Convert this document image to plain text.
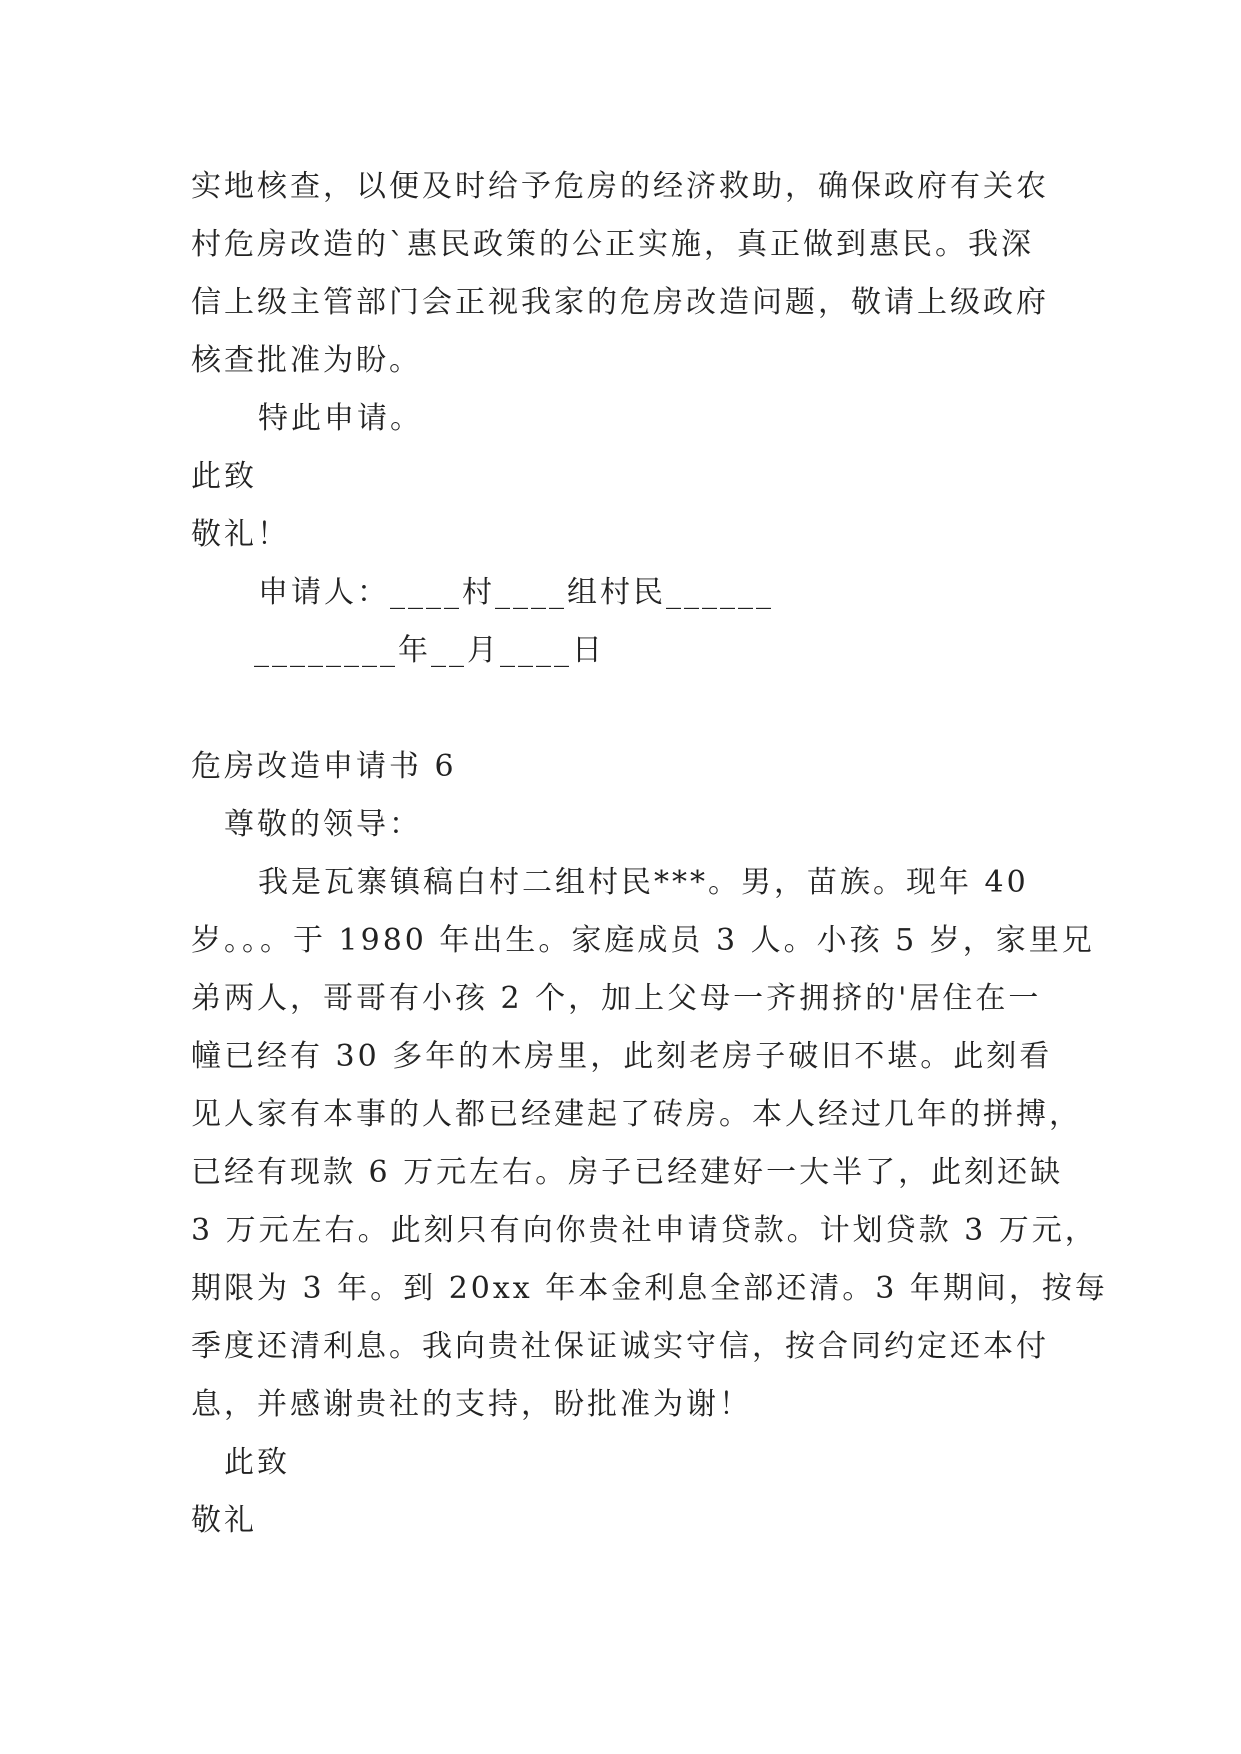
实地核查，以便及时给予危房的经济救助，确保政府有关农

村危房改造的`惠民政策的公正实施，真正做到惠民。我深

信上级主管部门会正视我家的危房改造问题，敬请上级政府

核查批准为盼。

特此申请。

此致

敬礼！

申请人：____村____组村民______

________年__月____日

危房改造申请书 6

尊敬的领导：

我是瓦寨镇稿白村二组村民***。男，苗族。现年 40

岁。。。于 1980 年出生。家庭成员 3 人。小孩 5 岁，家里兄

弟两人，哥哥有小孩 2 个，加上父母一齐拥挤的'居住在一

幢已经有 30 多年的木房里，此刻老房子破旧不堪。此刻看

见人家有本事的人都已经建起了砖房。本人经过几年的拼搏，

已经有现款 6 万元左右。房子已经建好一大半了，此刻还缺

3 万元左右。此刻只有向你贵社申请贷款。计划贷款 3 万元，

期限为 3 年。到 20xx 年本金利息全部还清。3 年期间，按每

季度还清利息。我向贵社保证诚实守信，按合同约定还本付

息，并感谢贵社的支持，盼批准为谢！

此致

敬礼
